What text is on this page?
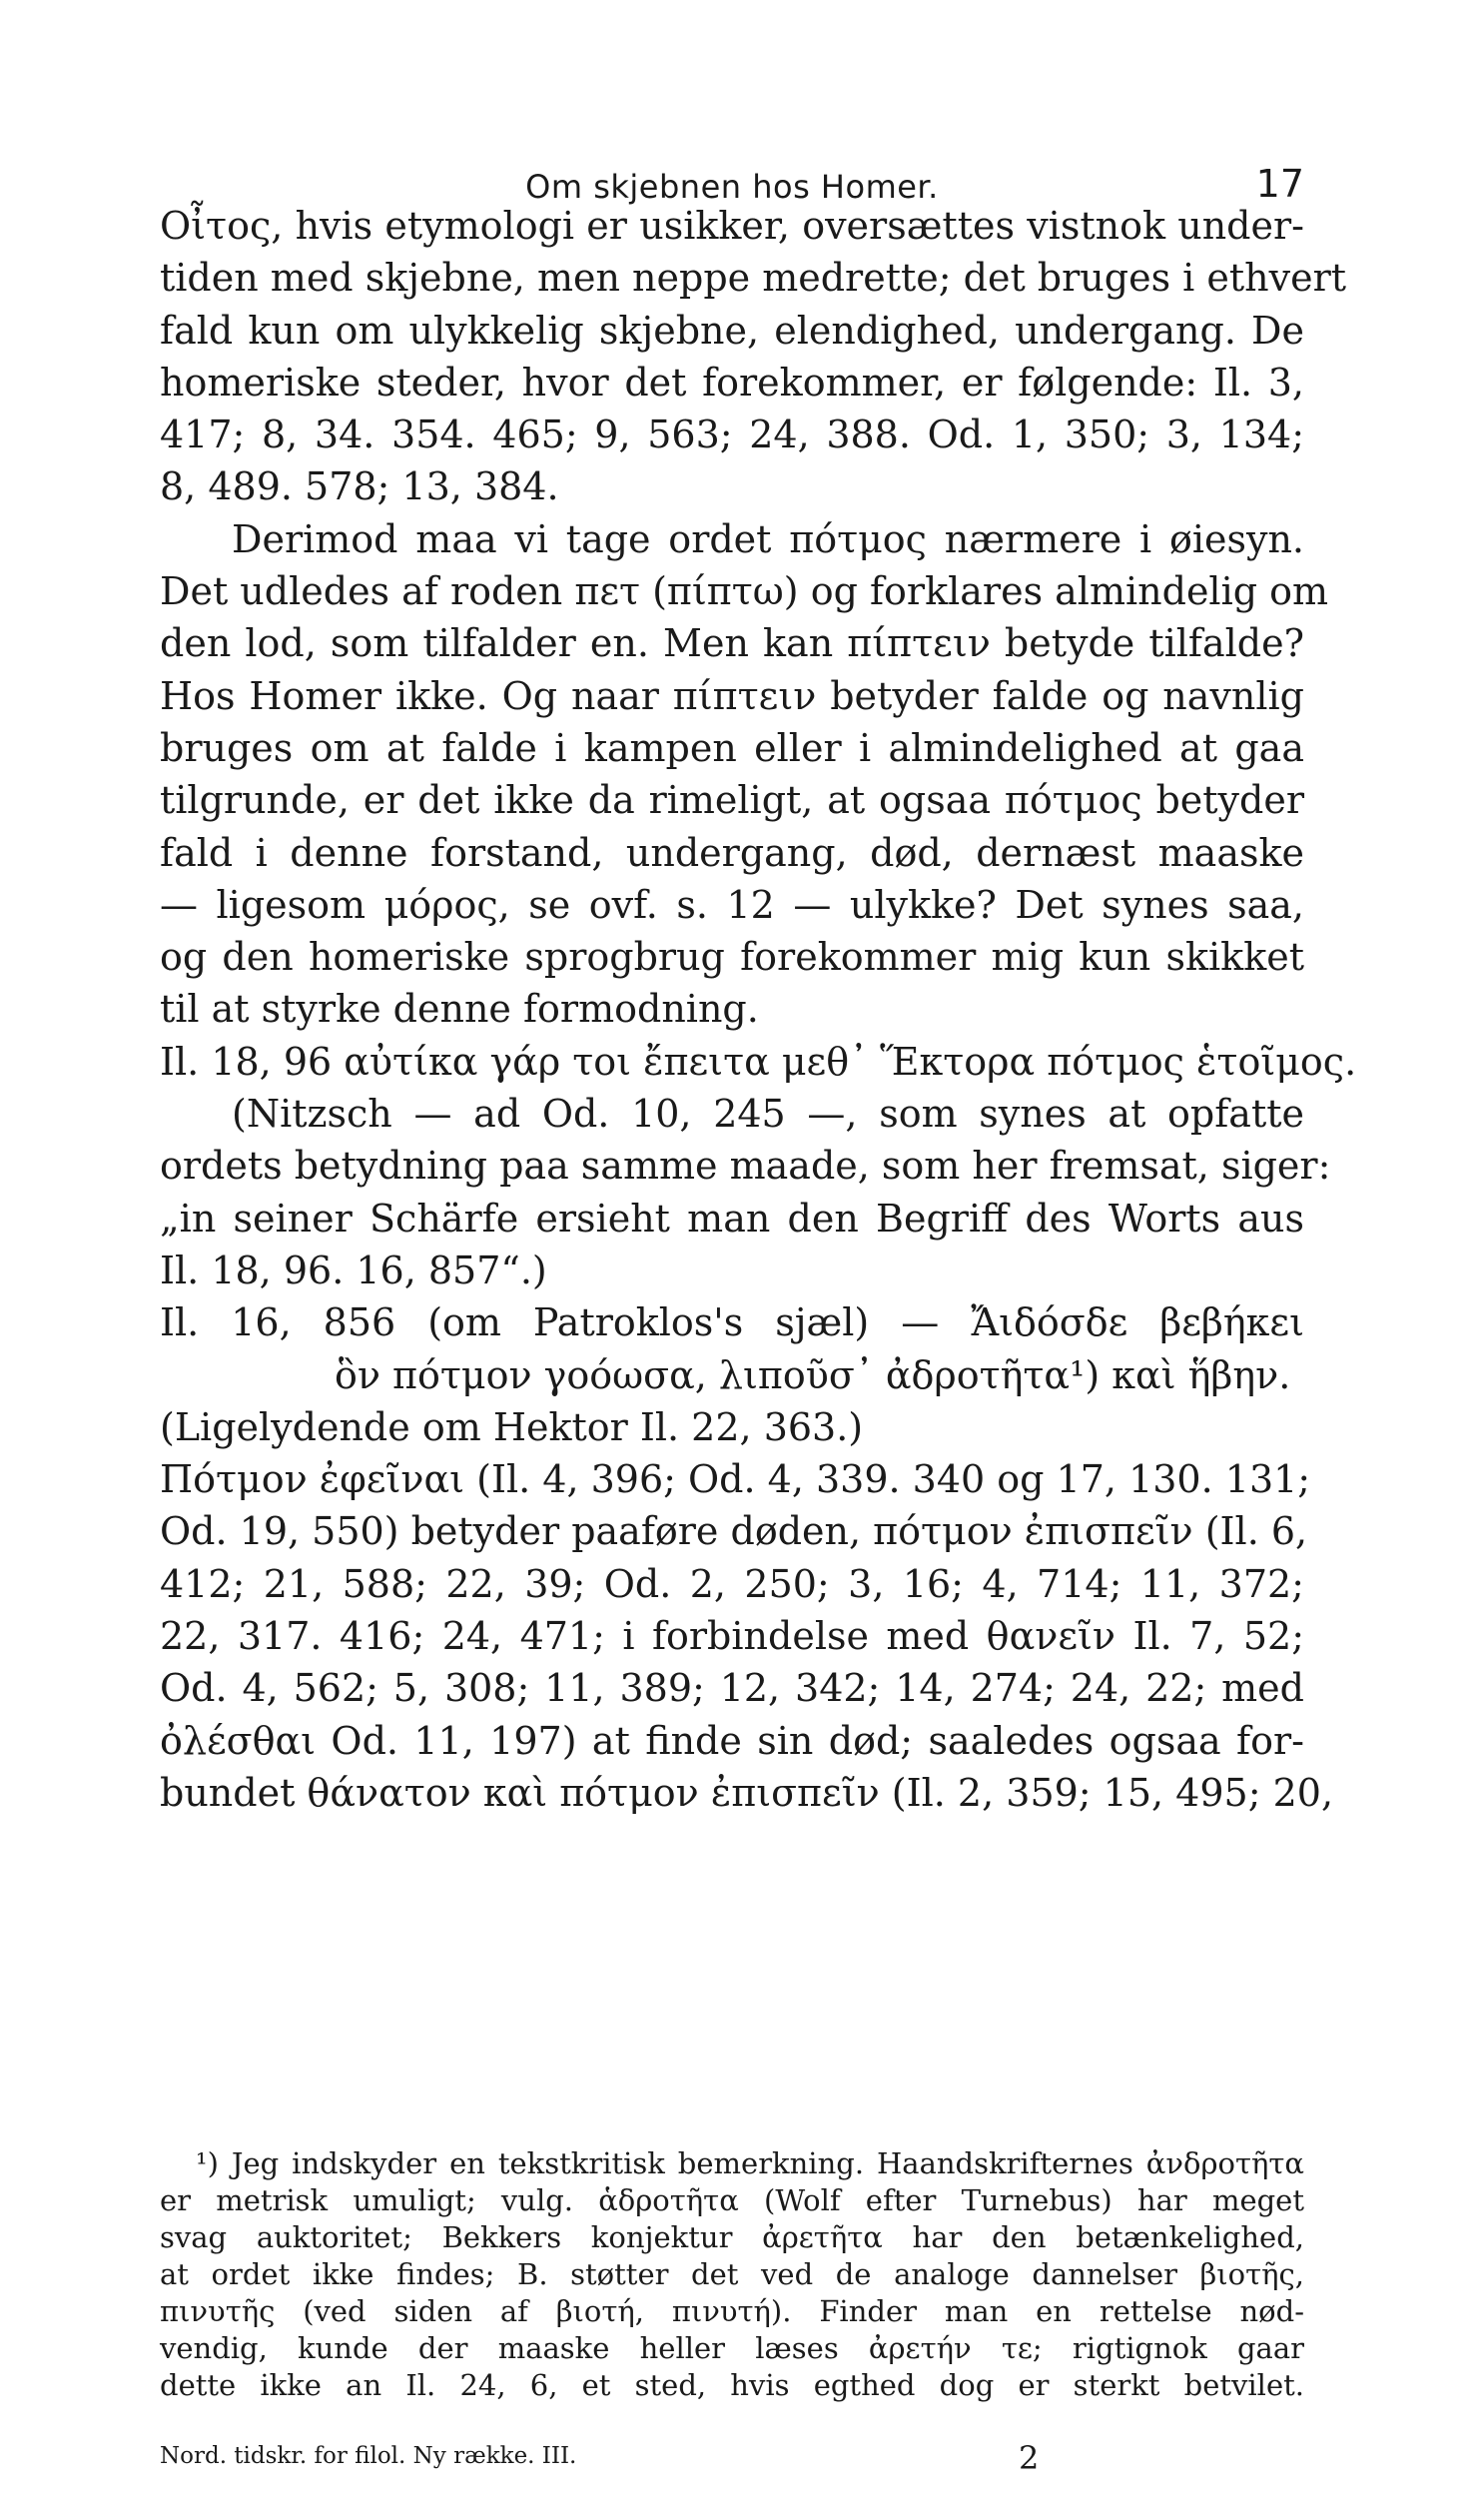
Om skjebnen hos Homer.	17
Οἶτος, hvis etymologi er usikker, oversættes vistnok under-
tiden med skjebne, men neppe medrette; det bruges i ethvert
fald kun om ulykkelig skjebne, elendighed, undergang. De
homeriske steder, hvor det forekommer, er følgende: Il. 3,
417; 8, 34. 354. 465; 9, 563; 24, 388. Od. 1, 350; 3, 134;
8, 489. 578; 13, 384.
Derimod maa vi tage ordet πότμος nærmere i øiesyn.
Det udledes af roden πετ (πίπτω) og forklares almindelig om
den lod, som tilfalder en. Men kan πίπτειν betyde tilfalde?
Hos Homer ikke. Og naar πίπτειν betyder falde og navnlig
bruges om at falde i kampen eller i almindelighed at gaa
tilgrunde, er det ikke da rimeligt, at ogsaa πότμος betyder
fald i denne forstand, undergang, død, dernæst maaske
— ligesom μόρος, se ovf. s. 12 — ulykke? Det synes saa,
og den homeriske sprogbrug forekommer mig kun skikket
til at styrke denne formodning.
Il. 18, 96 αὐτίκα γάρ τοι ἔπειτα μεθ᾽ Ἕκτορα πότμος ἑτοῖμος.
(Nitzsch — ad Od. 10, 245 —, som synes at opfatte
ordets betydning paa samme maade, som her fremsat, siger:
„in seiner Schärfe ersieht man den Begriff des Worts aus
Il. 18, 96. 16, 857“.)
Il. 16, 856 (om Patroklos's sjæl) — Ἄιδόσδε βεβήκει
ὃν πότμον γοόωσα, λιποῦσ᾽ ἀδροτῆτα¹) καὶ ἥβην.
(Ligelydende om Hektor Il. 22, 363.)
Πότμον ἐφεῖναι (Il. 4, 396; Od. 4, 339. 340 og 17, 130. 131;
Od. 19, 550) betyder paaføre døden, πότμον ἐπισπεῖν (Il. 6,
412; 21, 588; 22, 39; Od. 2, 250; 3, 16; 4, 714; 11, 372;
22, 317. 416; 24, 471; i forbindelse med θανεῖν Il. 7, 52;
Od. 4, 562; 5, 308; 11, 389; 12, 342; 14, 274; 24, 22; med
ὀλέσθαι Od. 11, 197) at finde sin død; saaledes ogsaa for-
bundet θάνατον καὶ πότμον ἐπισπεῖν (Il. 2, 359; 15, 495; 20,
¹) Jeg indskyder en tekstkritisk bemerkning. Haandskrifternes ἀνδροτῆτα
er metrisk umuligt; vulg. ἁδροτῆτα (Wolf efter Turnebus) har meget
svag auktoritet; Bekkers konjektur ἀρετῆτα har den betænkelighed,
at ordet ikke findes; B. støtter det ved de analoge dannelser βιοτῆς,
πινυτῆς (ved siden af βιοτή, πινυτή). Finder man en rettelse nød-
vendig, kunde der maaske heller læses ἀρετήν τε; rigtignok gaar
dette ikke an Il. 24, 6, et sted, hvis egthed dog er sterkt betvilet.
Nord. tidskr. for filol. Ny række. III.	2
